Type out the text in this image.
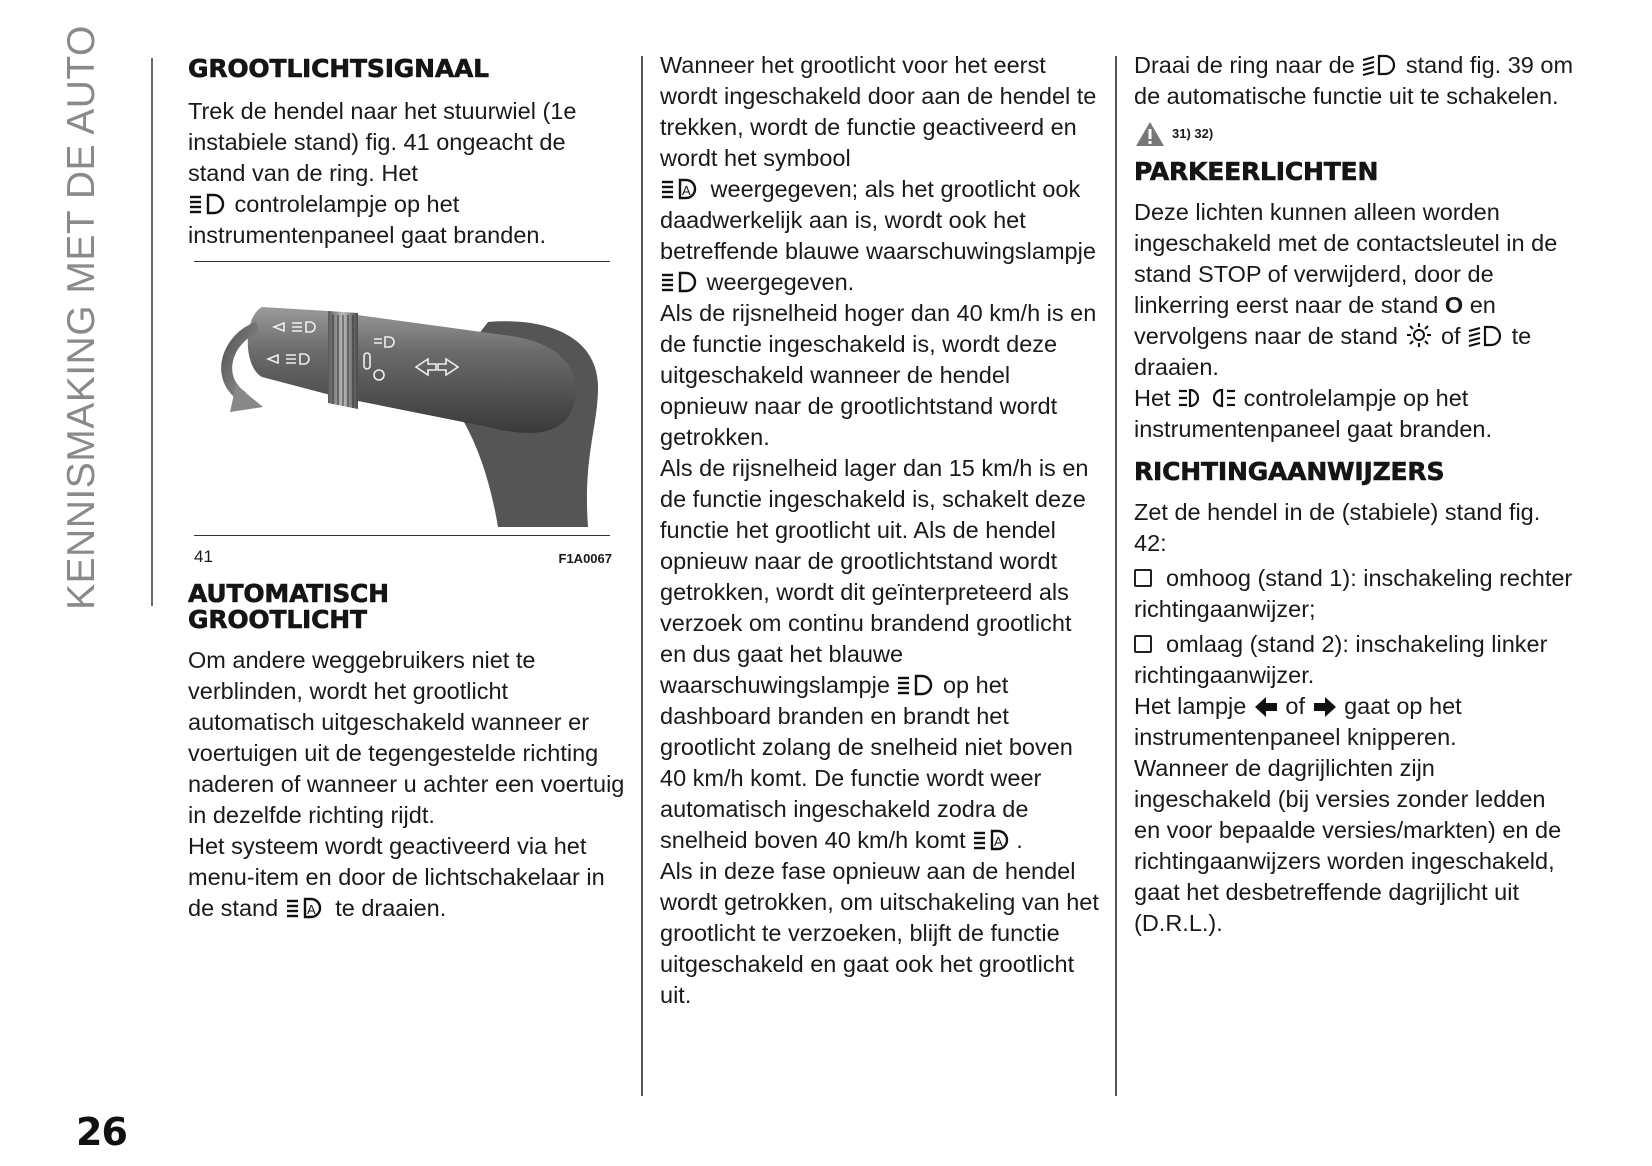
KENNISMAKING MET DE AUTO
26
GROOTLICHTSIGNAAL

Trek de hendel naar het stuurwiel (1e instabiele stand) fig. 41 ongeacht de stand van de ring. Het
controlelampje op het instrumentenpaneel gaat branden.

41	F1A0067
AUTOMATISCH
GROOTLICHT

Om andere weggebruikers niet te verblinden, wordt het grootlicht automatisch uitgeschakeld wanneer er voertuigen uit de tegengestelde richting naderen of wanneer u achter een voertuig in dezelfde richting rijdt.

Het systeem wordt geactiveerd via het menu-item en door de lichtschakelaar in de stand A te draaien.

Wanneer het grootlicht voor het eerst wordt ingeschakeld door aan de hendel te trekken, wordt de functie geactiveerd en wordt het symbool

A weergegeven; als het grootlicht ook daadwerkelijk aan is, wordt ook het betreffende blauwe waarschuwingslampje
weergegeven.

Als de rijsnelheid hoger dan 40 km/h is en de functie ingeschakeld is, wordt deze uitgeschakeld wanneer de hendel opnieuw naar de grootlichtstand wordt getrokken.

Als de rijsnelheid lager dan 15 km/h is en de functie ingeschakeld is, schakelt deze functie het grootlicht uit. Als de hendel opnieuw naar de grootlichtstand wordt getrokken, wordt dit geïnterpreteerd als verzoek om continu brandend grootlicht en dus gaat het blauwe waarschuwingslampje op het dashboard branden en brandt het grootlicht zolang de snelheid niet boven 40 km/h komt. De functie wordt weer automatisch ingeschakeld zodra de snelheid boven 40 km/h komt A .

Als in deze fase opnieuw aan de hendel wordt getrokken, om uitschakeling van het grootlicht te verzoeken, blijft de functie uitgeschakeld en gaat ook het grootlicht uit.

Draai de ring naar de stand fig. 39 om de automatische functie uit te schakelen.

31) 32)
PARKEERLICHTEN

Deze lichten kunnen alleen worden ingeschakeld met de contactsleutel in de stand STOP of verwijderd, door de linkerring eerst naar de stand O en vervolgens naar de stand of te draaien.
Het	controlelampje op het instrumentenpaneel gaat branden.

RICHTINGAANWIJZERS

Zet de hendel in de (stabiele) stand fig. 42:

omhoog (stand 1): inschakeling rechter richtingaanwijzer;

omlaag (stand 2): inschakeling linker richtingaanwijzer.

Het lampje of gaat op het instrumentenpaneel knipperen.

Wanneer de dagrijlichten zijn ingeschakeld (bij versies zonder ledden en voor bepaalde versies/markten) en de richtingaanwijzers worden ingeschakeld, gaat het desbetreffende dagrijlicht uit (D.R.L.).
